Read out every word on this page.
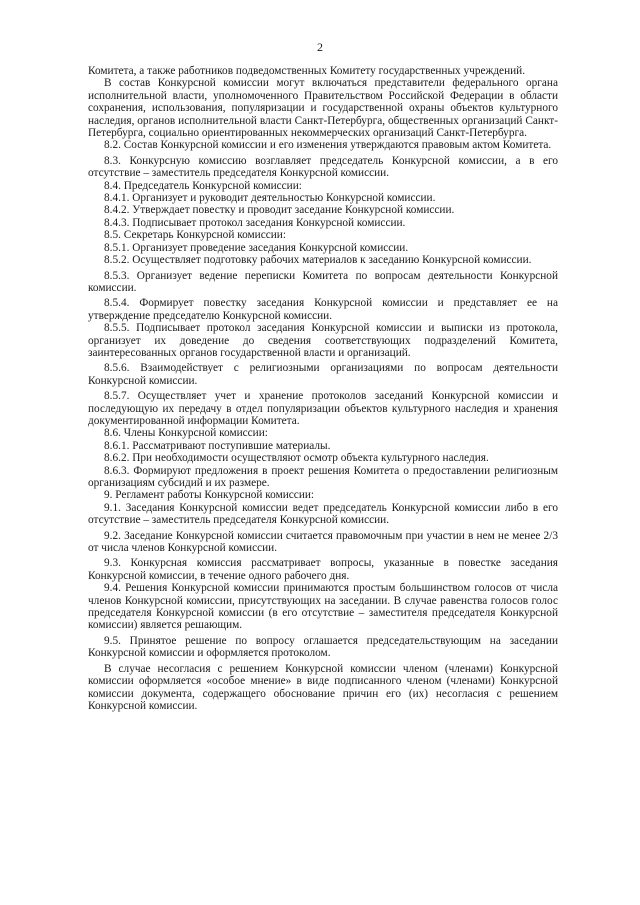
2

Комитета, а также работников подведомственных Комитету государственных учреждений.

В состав Конкурсной комиссии могут включаться представители федерального органа исполнительной власти, уполномоченного Правительством Российской Федерации в области сохранения, использования, популяризации и государственной охраны объектов культурного наследия, органов исполнительной власти Санкт-Петербурга, общественных организаций Санкт-Петербурга, социально ориентированных некоммерческих организаций Санкт-Петербурга.

8.2. Состав Конкурсной комиссии и его изменения утверждаются правовым актом Комитета.

8.3. Конкурсную комиссию возглавляет председатель Конкурсной комиссии, а в его отсутствие – заместитель председателя Конкурсной комиссии.

8.4. Председатель Конкурсной комиссии:

8.4.1. Организует и руководит деятельностью Конкурсной комиссии.

8.4.2. Утверждает повестку и проводит заседание Конкурсной комиссии.

8.4.3. Подписывает протокол заседания Конкурсной комиссии.

8.5. Секретарь Конкурсной комиссии:

8.5.1. Организует проведение заседания Конкурсной комиссии.

8.5.2. Осуществляет подготовку рабочих материалов к заседанию Конкурсной комиссии.

8.5.3. Организует ведение переписки Комитета по вопросам деятельности Конкурсной комиссии.

8.5.4. Формирует повестку заседания Конкурсной комиссии и представляет ее на утверждение председателю Конкурсной комиссии.

8.5.5. Подписывает протокол заседания Конкурсной комиссии и выписки из протокола, организует их доведение до сведения соответствующих подразделений Комитета, заинтересованных органов государственной власти и организаций.

8.5.6. Взаимодействует с религиозными организациями по вопросам деятельности Конкурсной комиссии.

8.5.7. Осуществляет учет и хранение протоколов заседаний Конкурсной комиссии и последующую их передачу в отдел популяризации объектов культурного наследия и хранения документированной информации Комитета.

8.6. Члены Конкурсной комиссии:

8.6.1. Рассматривают поступившие материалы.

8.6.2. При необходимости осуществляют осмотр объекта культурного наследия.

8.6.3. Формируют предложения в проект решения Комитета о предоставлении религиозным организациям субсидий и их размере.

9. Регламент работы Конкурсной комиссии:

9.1. Заседания Конкурсной комиссии ведет председатель Конкурсной комиссии либо в его отсутствие – заместитель председателя Конкурсной комиссии.

9.2. Заседание Конкурсной комиссии считается правомочным при участии в нем не менее 2/3 от числа членов Конкурсной комиссии.

9.3. Конкурсная комиссия рассматривает вопросы, указанные в повестке заседания Конкурсной комиссии, в течение одного рабочего дня.

9.4. Решения Конкурсной комиссии принимаются простым большинством голосов от числа членов Конкурсной комиссии, присутствующих на заседании. В случае равенства голосов голос председателя Конкурсной комиссии (в его отсутствие – заместителя председателя Конкурсной комиссии) является решающим.

9.5. Принятое решение по вопросу оглашается председательствующим на заседании Конкурсной комиссии и оформляется протоколом.

В случае несогласия с решением Конкурсной комиссии членом (членами) Конкурсной комиссии оформляется «особое мнение» в виде подписанного членом (членами) Конкурсной комиссии документа, содержащего обоснование причин его (их) несогласия с решением Конкурсной комиссии.
